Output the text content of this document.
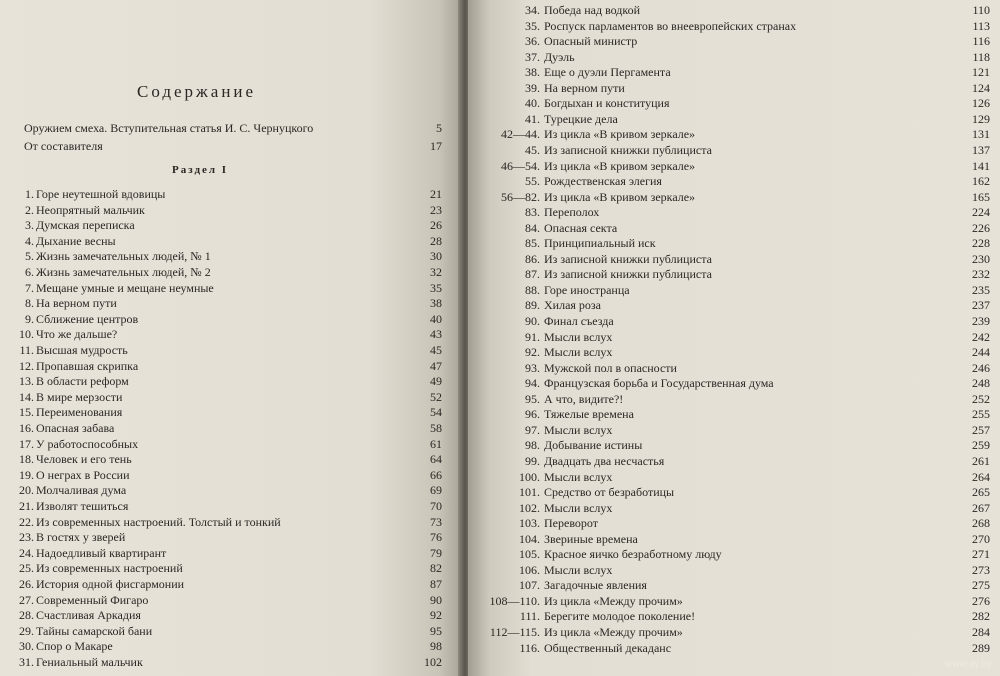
Содержание
Оружием смеха. Вступительная статья И. С. Чернуцкого	5
От составителя	17
Раздел I
1. Горе неутешной вдовицы	21
2. Неопрятный мальчик	23
3. Думская переписка	26
4. Дыхание весны	28
5. Жизнь замечательных людей, № 1	30
6. Жизнь замечательных людей, № 2	32
7. Мещане умные и мещане неумные	35
8. На верном пути	38
9. Сближение центров	40
10. Что же дальше?	43
11. Высшая мудрость	45
12. Пропавшая скрипка	47
13. В области реформ	49
14. В мире мерзости	52
15. Переименования	54
16. Опасная забава	58
17. У работоспособных	61
18. Человек и его тень	64
19. О неграх в России	66
20. Молчаливая дума	69
21. Изволят тешиться	70
22. Из современных настроений. Толстый и тонкий	73
23. В гостях у зверей	76
24. Надоедливый квартирант	79
25. Из современных настроений	82
26. История одной фисгармонии	87
27. Современный Фигаро	90
28. Счастливая Аркадия	92
29. Тайны самарской бани	95
30. Спор о Макаре	98
31. Гениальный мальчик	102
34. Победа над водкой	110
35. Роспуск парламентов во внеевропейских странах	113
36. Опасный министр	116
37. Дуэль	118
38. Еще о дуэли Пергамента	121
39. На верном пути	124
40. Богдыхан и конституция	126
41. Турецкие дела	129
42—44. Из цикла «В кривом зеркале»	131
45. Из записной книжки публициста	137
46—54. Из цикла «В кривом зеркале»	141
55. Рождественская элегия	162
56—82. Из цикла «В кривом зеркале»	165
83. Переполох	224
84. Опасная секта	226
85. Принципиальный иск	228
86. Из записной книжки публициста	230
87. Из записной книжки публициста	232
88. Горе иностранца	235
89. Хилая роза	237
90. Финал съезда	239
91. Мысли вслух	242
92. Мысли вслух	244
93. Мужской пол в опасности	246
94. Французская борьба и Государственная дума	248
95. А что, видите?!	252
96. Тяжелые времена	255
97. Мысли вслух	257
98. Добывание истины	259
99. Двадцать два несчастья	261
100. Мысли вслух	264
101. Средство от безработицы	265
102. Мысли вслух	267
103. Переворот	268
104. Звериные времена	270
105. Красное яичко безработному люду	271
106. Мысли вслух	273
107. Загадочные явления	275
108—110. Из цикла «Между прочим»	276
111. Берегите молодое поколение!	282
112—115. Из цикла «Между прочим»	284
116. Общественный декаданс	289
www.ay.by
